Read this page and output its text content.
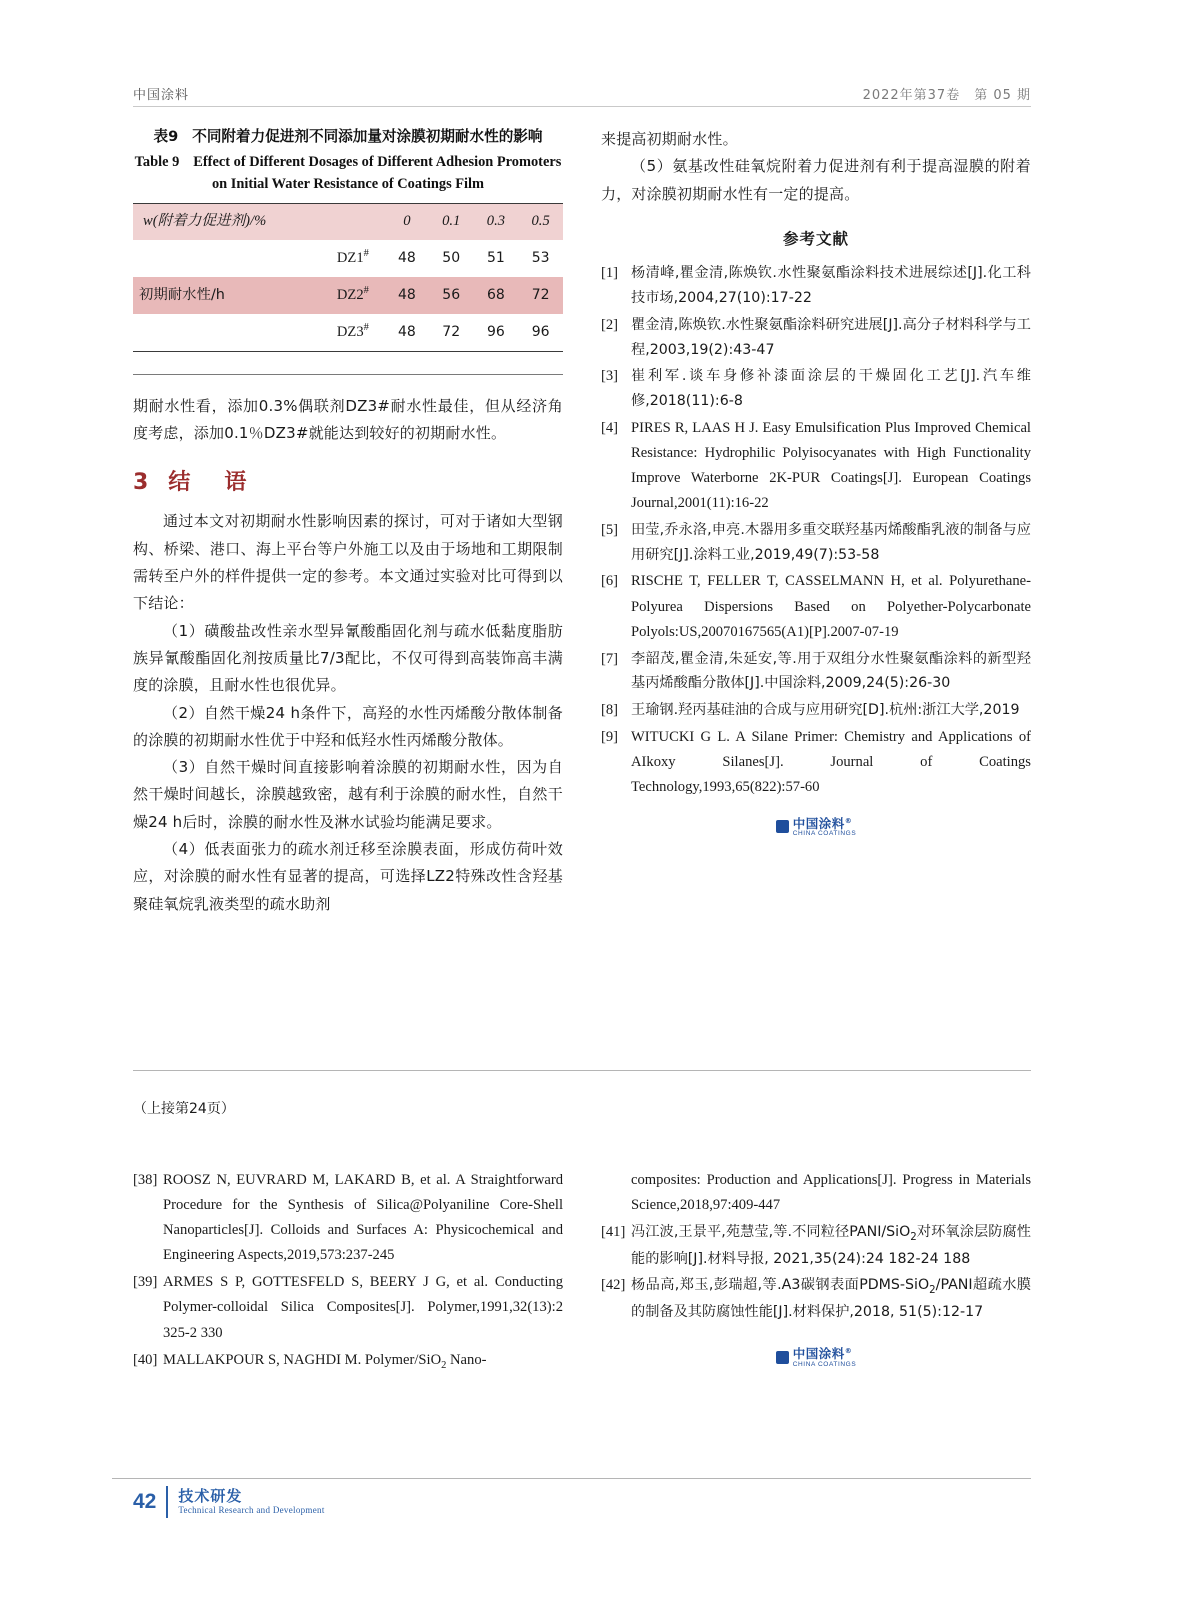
中国涂料	2022年第37卷　第 05 期
表9 不同附着力促进剂不同添加量对涂膜初期耐水性的影响
Table 9 Effect of Different Dosages of Different Adhesion Promoters on Initial Water Resistance of Coatings Film
w(附着力促进剂)/%		0	0.1	0.3	0.5
	DZ1#	48	50	51	53
初期耐水性/h	DZ2#	48	56	68	72
	DZ3#	48	72	96	96

期耐水性看，添加0.3%偶联剂DZ3#耐水性最佳，但从经济角度考虑，添加0.1％DZ3#就能达到较好的初期耐水性。

3 结　语

通过本文对初期耐水性影响因素的探讨，可对于诸如大型钢构、桥梁、港口、海上平台等户外施工以及由于场地和工期限制需转至户外的样件提供一定的参考。本文通过实验对比可得到以下结论：

（1）磺酸盐改性亲水型异氰酸酯固化剂与疏水低黏度脂肪族异氰酸酯固化剂按质量比7/3配比，不仅可得到高装饰高丰满度的涂膜，且耐水性也很优异。

（2）自然干燥24 h条件下，高羟的水性丙烯酸分散体制备的涂膜的初期耐水性优于中羟和低羟水性丙烯酸分散体。

（3）自然干燥时间直接影响着涂膜的初期耐水性，因为自然干燥时间越长，涂膜越致密，越有利于涂膜的耐水性，自然干燥24 h后时，涂膜的耐水性及淋水试验均能满足要求。

（4）低表面张力的疏水剂迁移至涂膜表面，形成仿荷叶效应，对涂膜的耐水性有显著的提高，可选择LZ2特殊改性含羟基聚硅氧烷乳液类型的疏水助剂

来提高初期耐水性。

（5）氨基改性硅氧烷附着力促进剂有利于提高湿膜的附着力，对涂膜初期耐水性有一定的提高。

参考文献
[1] 杨清峰,瞿金清,陈焕钦.水性聚氨酯涂料技术进展综述[J].化工科技市场,2004,27(10):17-22
[2] 瞿金清,陈焕钦.水性聚氨酯涂料研究进展[J].高分子材料科学与工程,2003,19(2):43-47
[3] 崔利军.谈车身修补漆面涂层的干燥固化工艺[J].汽车维修,2018(11):6-8
[4] PIRES R, LAAS H J. Easy Emulsification Plus Improved Chemical Resistance: Hydrophilic Polyisocyanates with High Functionality Improve Waterborne 2K-PUR Coatings[J]. European Coatings Journal,2001(11):16-22
[5] 田莹,乔永洛,申亮.木器用多重交联羟基丙烯酸酯乳液的制备与应用研究[J].涂料工业,2019,49(7):53-58
[6] RISCHE T, FELLER T, CASSELMANN H, et al. Polyurethane-Polyurea Dispersions Based on Polyether-Polycarbonate Polyols:US,20070167565(A1)[P].2007-07-19
[7] 李韶茂,瞿金清,朱延安,等.用于双组分水性聚氨酯涂料的新型羟基丙烯酸酯分散体[J].中国涂料,2009,24(5):26-30
[8] 王瑜钢.羟丙基硅油的合成与应用研究[D].杭州:浙江大学,2019
[9] WITUCKI G L. A Silane Primer: Chemistry and Applications of AIkoxy Silanes[J]. Journal of Coatings Technology,1993,65(822):57-60
中国涂料®
CHINA COATINGS
（上接第24页）
[38] ROOSZ N, EUVRARD M, LAKARD B, et al. A Straightforward Procedure for the Synthesis of Silica@Polyaniline Core-Shell Nanoparticles[J]. Colloids and Surfaces A: Physicochemical and Engineering Aspects,2019,573:237-245
[39] ARMES S P, GOTTESFELD S, BEERY J G, et al. Conducting Polymer-colloidal Silica Composites[J]. Polymer,1991,32(13):2 325-2 330
[40] MALLAKPOUR S, NAGHDI M. Polymer/SiO$_2$ Nano-
composites: Production and Applications[J]. Progress in Materials Science,2018,97:409-447
[41] 冯江波,王景平,苑慧莹,等.不同粒径PANI/SiO$_2$对环氧涂层防腐性能的影响[J].材料导报, 2021,35(24):24 182-24 188
[42] 杨品高,郑玉,彭瑞超,等.A3碳钢表面PDMS-SiO$_2$/PANI超疏水膜的制备及其防腐蚀性能[J].材料保护,2018, 51(5):12-17
中国涂料®
CHINA COATINGS
42 技术研发
Technical Research and Development
